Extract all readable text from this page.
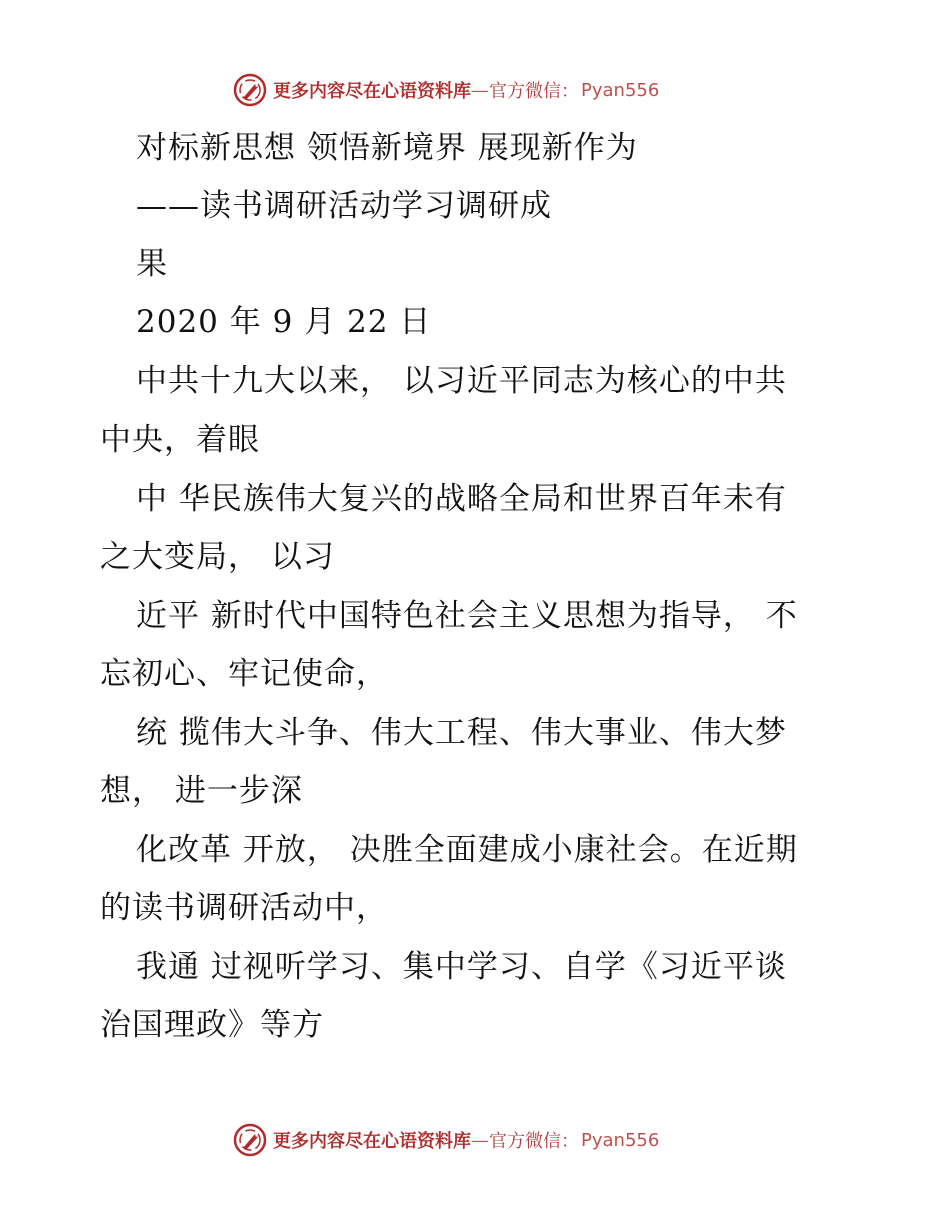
更多内容尽在心语资料库 — 官方微信： Pyan556
对标新思想 领悟新境界 展现新作为
——读书调研活动学习调研成
果
2020 年 9 月 22 日
中共十九大以来， 以习近平同志为核心的中共
中央，着眼
中 华民族伟大复兴的战略全局和世界百年未有
之大变局， 以习
近平 新时代中国特色社会主义思想为指导， 不
忘初心、牢记使命，
统 揽伟大斗争、伟大工程、伟大事业、伟大梦
想， 进一步深
化改革 开放， 决胜全面建成小康社会。在近期
的读书调研活动中，
我通 过视听学习、集中学习、自学《习近平谈
治国理政》等方
更多内容尽在心语资料库 — 官方微信： Pyan556
